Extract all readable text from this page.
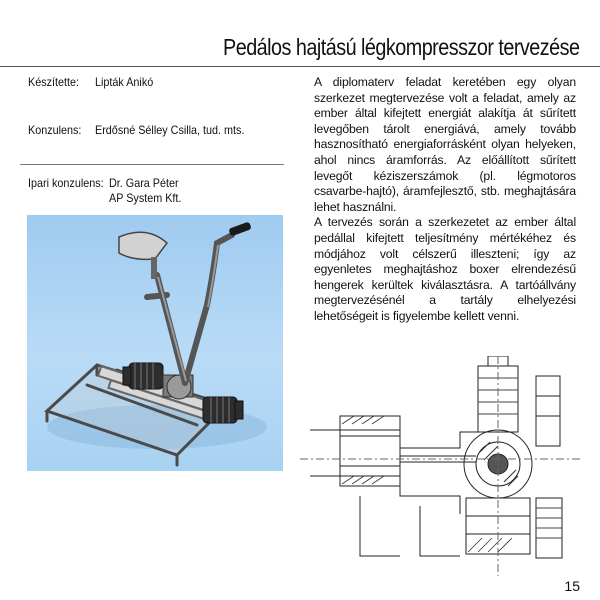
Pedálos hajtású légkompresszor tervezése
Készítette: Lipták Anikó
Konzulens: Erdősné Sélley Csilla, tud. mts.
Ipari konzulens: Dr. Gara Péter
AP System Kft.

A diplomaterv feladat keretében egy olyan szerkezet megtervezése volt a feladat, amely az ember által kifejtett energiát alakítja át sűrített levegőben tárolt energiává, amely tovább hasznosítható energiaforrásként olyan helyeken, ahol nincs áramforrás. Az előállított sűrített levegőt kéziszerszámok (pl. légmotoros csavarbe-hajtó), áramfejlesztő, stb. meghajtására lehet használni.

A tervezés során a szerkezetet az ember által pedállal kifejtett teljesítmény mértékéhez és módjához volt célszerű illeszteni; így az egyenletes meghajtáshoz boxer elrendezésű hengerek kerültek kiválasztásra. A tartóállvány megtervezésénél a tartály elhelyezési lehetőségeit is figyelembe kellett venni.

15
